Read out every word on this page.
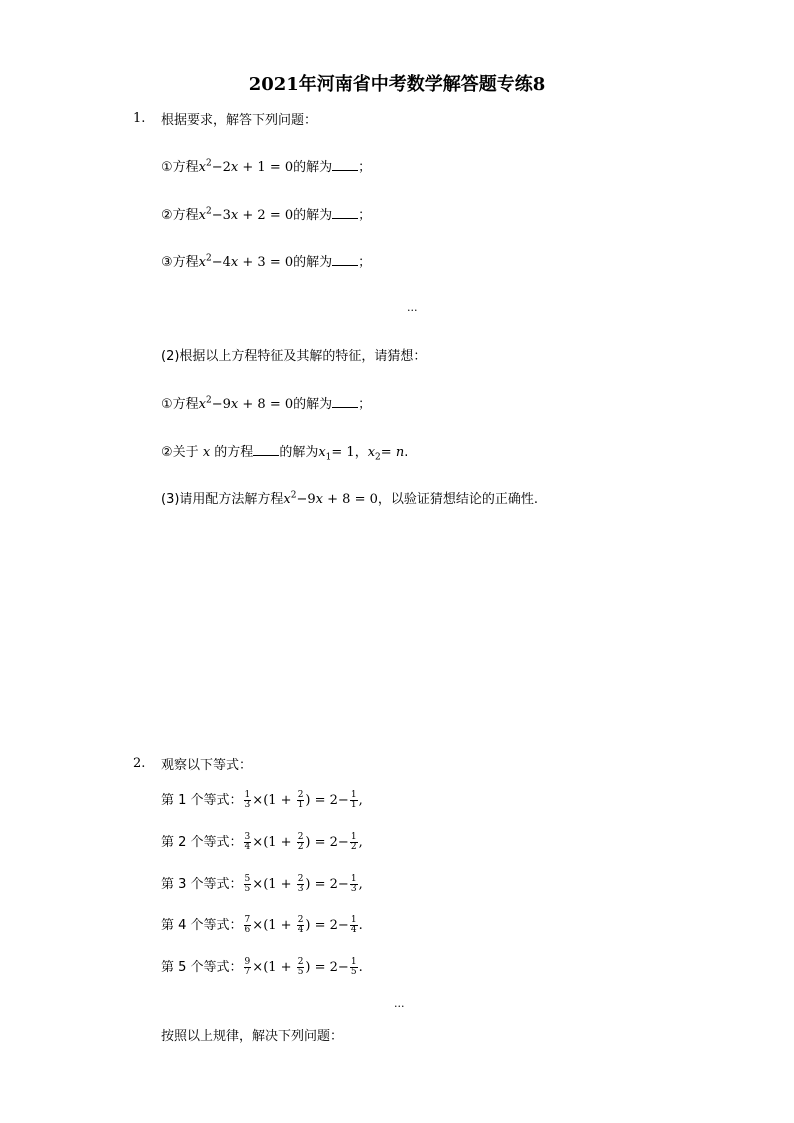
2021年河南省中考数学解答题专练8
1. 根据要求，解答下列问题：
①方程$x^2-2x + 1 = 0$的解为 ；
②方程$x^2-3x + 2 = 0$的解为 ；
③方程$x^2-4x + 3 = 0$的解为 ；
...
(2)根据以上方程特征及其解的特征，请猜想：
①方程$x^2-9x + 8 = 0$的解为 ；
②关于 x 的方程 的解为$x_1= 1$，$x_2= n$.
(3)请用配方法解方程$x^2-9x + 8 = 0$，以验证猜想结论的正确性.
2. 观察以下等式：
第 1 个等式： $\frac{1}{3} \times(1 + \frac{2}{1}$ ) = $2- \frac{1}{1}$ ,
第 2 个等式： $\frac{3}{4} \times(1 + \frac{2}{2}$ ) = $2- \frac{1}{2}$ ,
第 3 个等式： $\frac{5}{5} \times(1 + \frac{2}{3}$ ) = $2- \frac{1}{3}$ ,
第 4 个等式： $\frac{7}{6} \times(1 + \frac{2}{4}$ ) = $2- \frac{1}{4}$ .
第 5 个等式： $\frac{9}{7} \times(1 + \frac{2}{5}$ ) = $2- \frac{1}{5}$ .
...
按照以上规律，解决下列问题：
